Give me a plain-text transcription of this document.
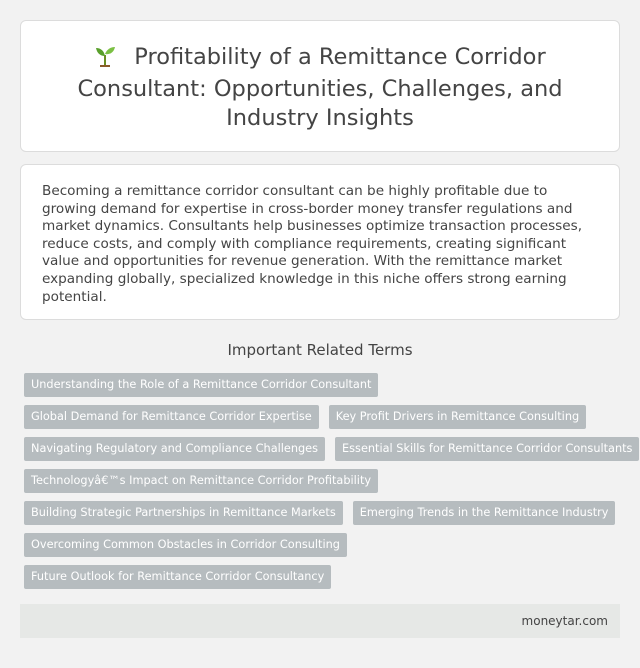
Profitability of a Remittance Corridor Consultant: Opportunities, Challenges, and Industry Insights

Becoming a remittance corridor consultant can be highly profitable due to growing demand for expertise in cross-border money transfer regulations and market dynamics. Consultants help businesses optimize transaction processes, reduce costs, and comply with compliance requirements, creating significant value and opportunities for revenue generation. With the remittance market expanding globally, specialized knowledge in this niche offers strong earning potential.

Important Related Terms
Understanding the Role of a Remittance Corridor Consultant
Global Demand for Remittance Corridor Expertise Key Profit Drivers in Remittance Consulting
Navigating Regulatory and Compliance Challenges Essential Skills for Remittance Corridor Consultants
Technologyâ€™s Impact on Remittance Corridor Profitability
Building Strategic Partnerships in Remittance Markets Emerging Trends in the Remittance Industry
Overcoming Common Obstacles in Corridor Consulting
Future Outlook for Remittance Corridor Consultancy
moneytar.com
